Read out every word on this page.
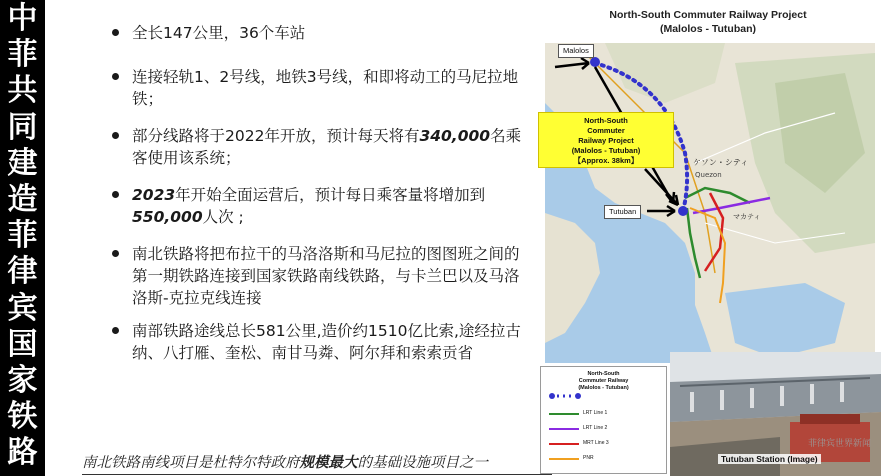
中
菲
共
同
建
造
菲
律
宾
国
家
铁
路
全长147公里，36个车站
连接轻轨1、2号线，地铁3号线，和即将动工的马尼拉地铁；
部分线路将于2022年开放，预计每天将有340,000名乘客使用该系统；
2023年开始全面运营后，预计每日乘客量将增加到550,000人次 ;
南北铁路将把布拉干的马洛洛斯和马尼拉的图图班之间的第一期铁路连接到国家铁路南线铁路，与卡兰巴以及马洛洛斯-克拉克线连接
南部铁路途线总长581公里,造价约1510亿比索,途经拉古纳、八打雁、奎松、南甘马粦、阿尔拜和索索贡省
南北铁路南线项目是杜特尔特政府规模最大的基础设施项目之一
North-South Commuter Railway Project
(Malolos - Tutuban)
ケソン・シティ
Quezon
マカティ
North-South
Commuter
Railway Project
(Malolos - Tutuban)
【Approx. 38km】
Malolos
Tutuban
North-South
Commuter Railway
(Malolos - Tutuban)
LRT Line 1
LRT Line 2
MRT Line 3
PNR	Tutuban Station (Image)
菲律宾世界新闻
